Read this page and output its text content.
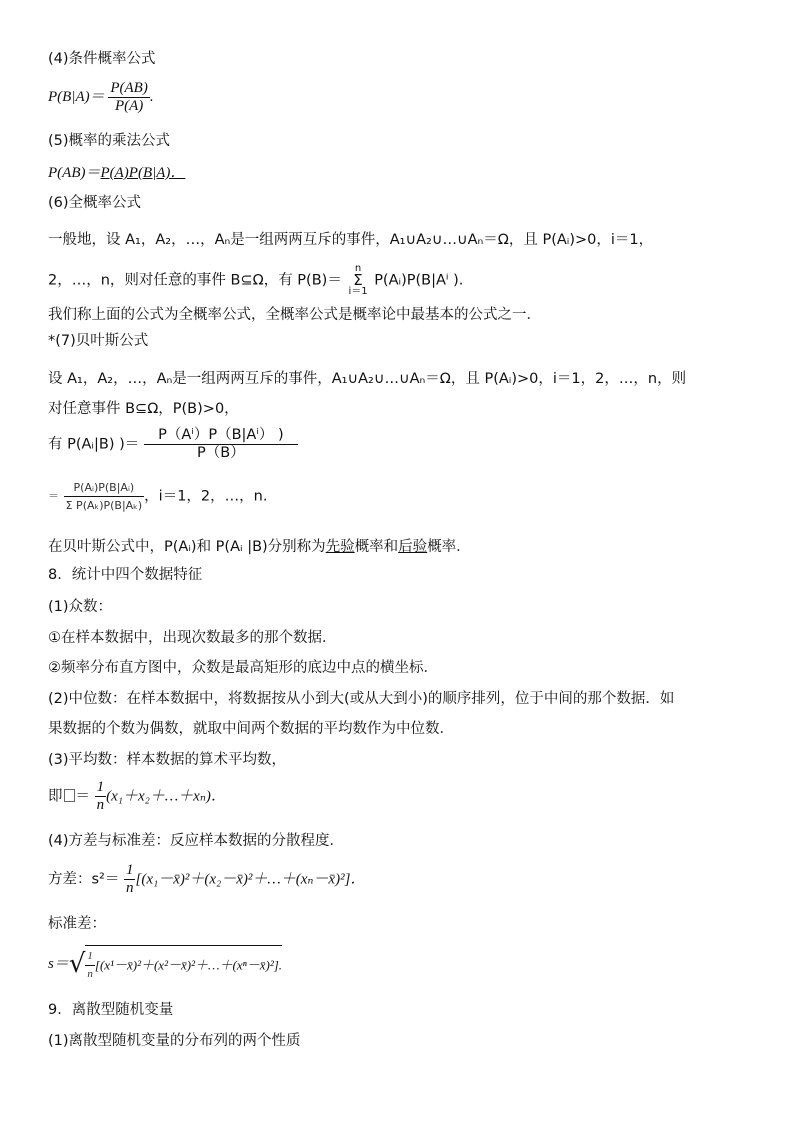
(4)条件概率公式
$P(B|A)= \frac{P(AB)}{P(A)}$ .
(5)概率的乘法公式
P(AB)＝P(A)P(B|A)．
(6)全概率公式
一般地，设 A₁，A₂，…，Aₙ是一组两两互斥的事件，A₁∪A₂∪…∪Aₙ＝Ω，且 P(Aᵢ)>0，i＝1，
2，…，n，则对任意的事件 B⊆Ω，有 P(B)＝
n
Σ
i＝1
P(Aᵢ)P(B|Aⁱ ).
我们称上面的公式为全概率公式，全概率公式是概率论中最基本的公式之一．
*(7)贝叶斯公式
设 A₁，A₂，…，Aₙ是一组两两互斥的事件，A₁∪A₂∪…∪Aₙ＝Ω，且 P(Aᵢ)>0，i＝1，2，…，n，则
对任意事件 B⊆Ω，P(B)>0，
有 P(Aᵢ|B) )＝ $\frac{\text{P（Aⁱ）P（B|Aⁱ） )}}{P(B)}$
＝ $\frac{\text{P(Aᵢ)P(B|Aᵢ)}}{\text{Σ P(Aₖ)P(B|Aₖ)}}$ ，i＝1，2，…，n.
在贝叶斯公式中，P(Aᵢ)和 P(Aᵢ |B)分别称为先验概率和后验概率．
8．统计中四个数据特征
(1)众数：
①在样本数据中，出现次数最多的那个数据．
②频率分布直方图中，众数是最高矩形的底边中点的横坐标．
(2)中位数：在样本数据中，将数据按从小到大(或从大到小)的顺序排列，位于中间的那个数据．如
果数据的个数为偶数，就取中间两个数据的平均数作为中位数．
(3)平均数：样本数据的算术平均数，
即 ＝ $\frac{1}{n}$ (x₁＋x₂＋…＋xₙ)．
(4)方差与标准差：反应样本数据的分散程度．
方差：$s^2= \frac{1}{n}$ [(x₁－x̄)²＋(x₂－x̄)²＋…＋(xₙ－x̄)²]．
标准差：
$s=√ \frac{1}{n}$ [(x¹－x̄)²＋(x²－x̄)²＋…＋(xⁿ－x̄)²].
9．离散型随机变量
(1)离散型随机变量的分布列的两个性质
